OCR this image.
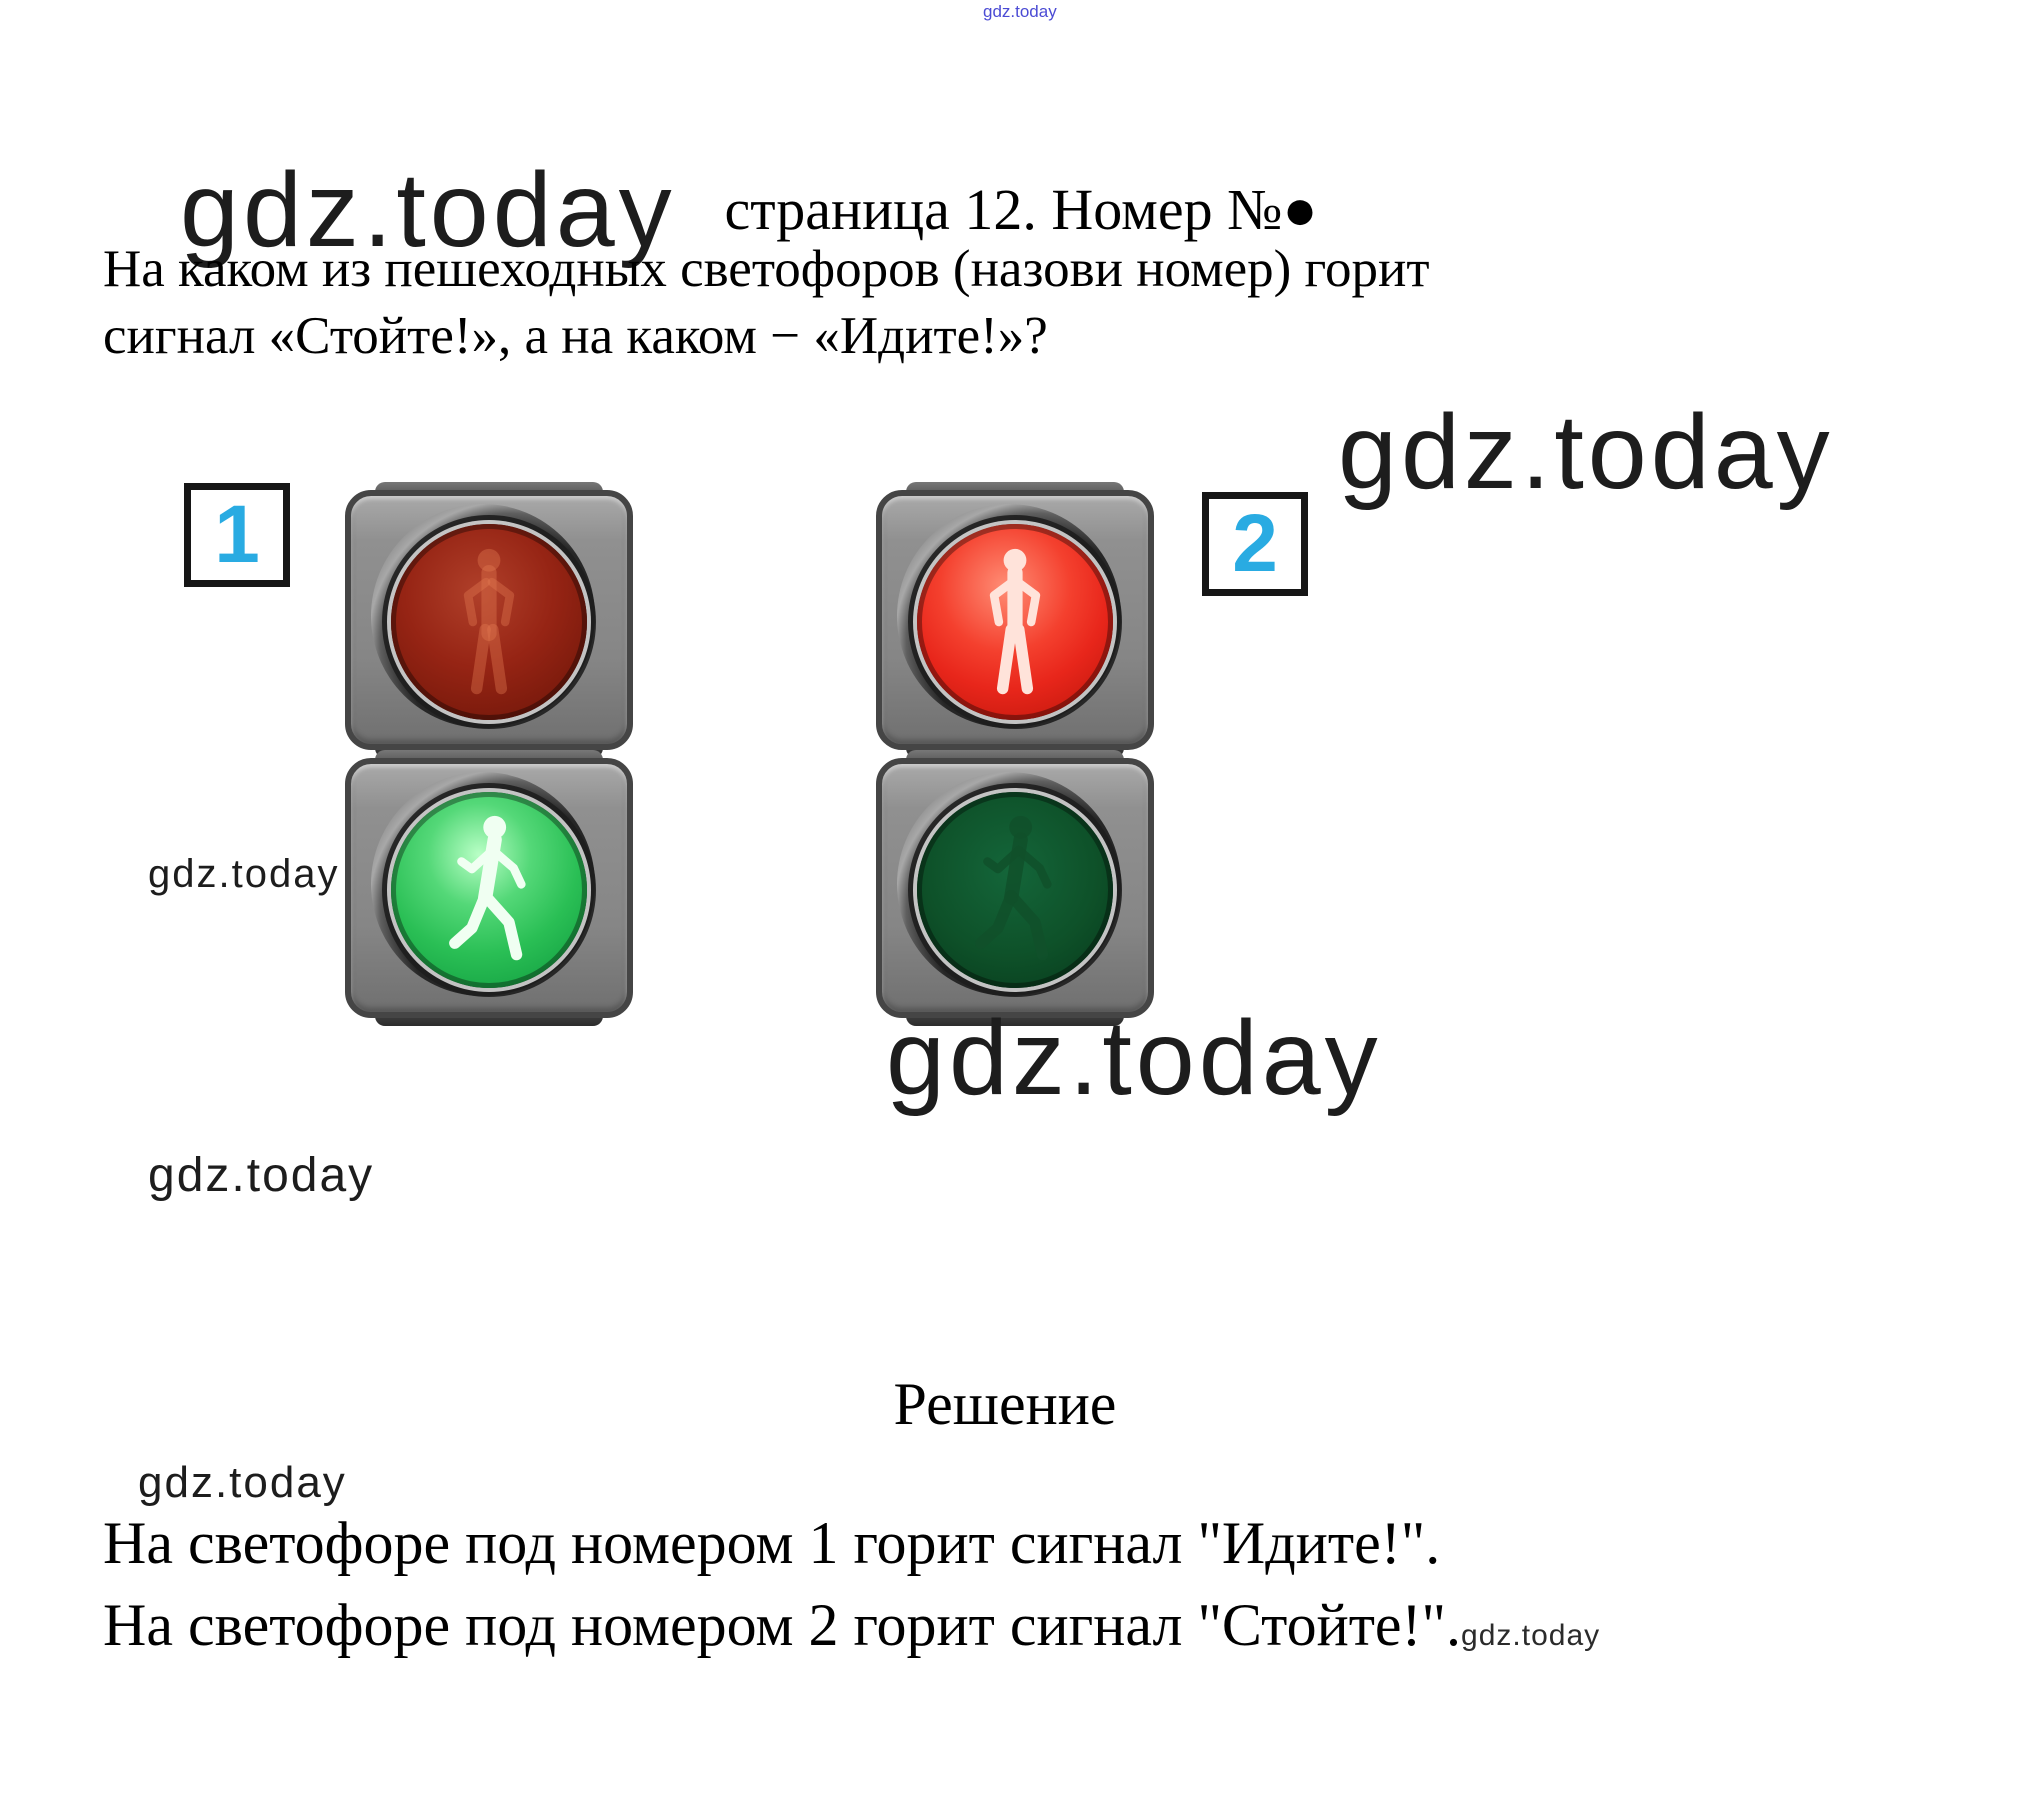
gdz.today
страница 12. Номер №●
gdz.today
На каком из пешеходных светофоров (назови номер) горит
сигнал «Стойте!», а на каком − «Идите!»?
gdz.today
1	2
gdz.today
gdz.today
gdz.today
Решение
gdz.today
На светофоре под номером 1 горит сигнал "Идите!".
На светофоре под номером 2 горит сигнал "Стойте!".gdz.today
